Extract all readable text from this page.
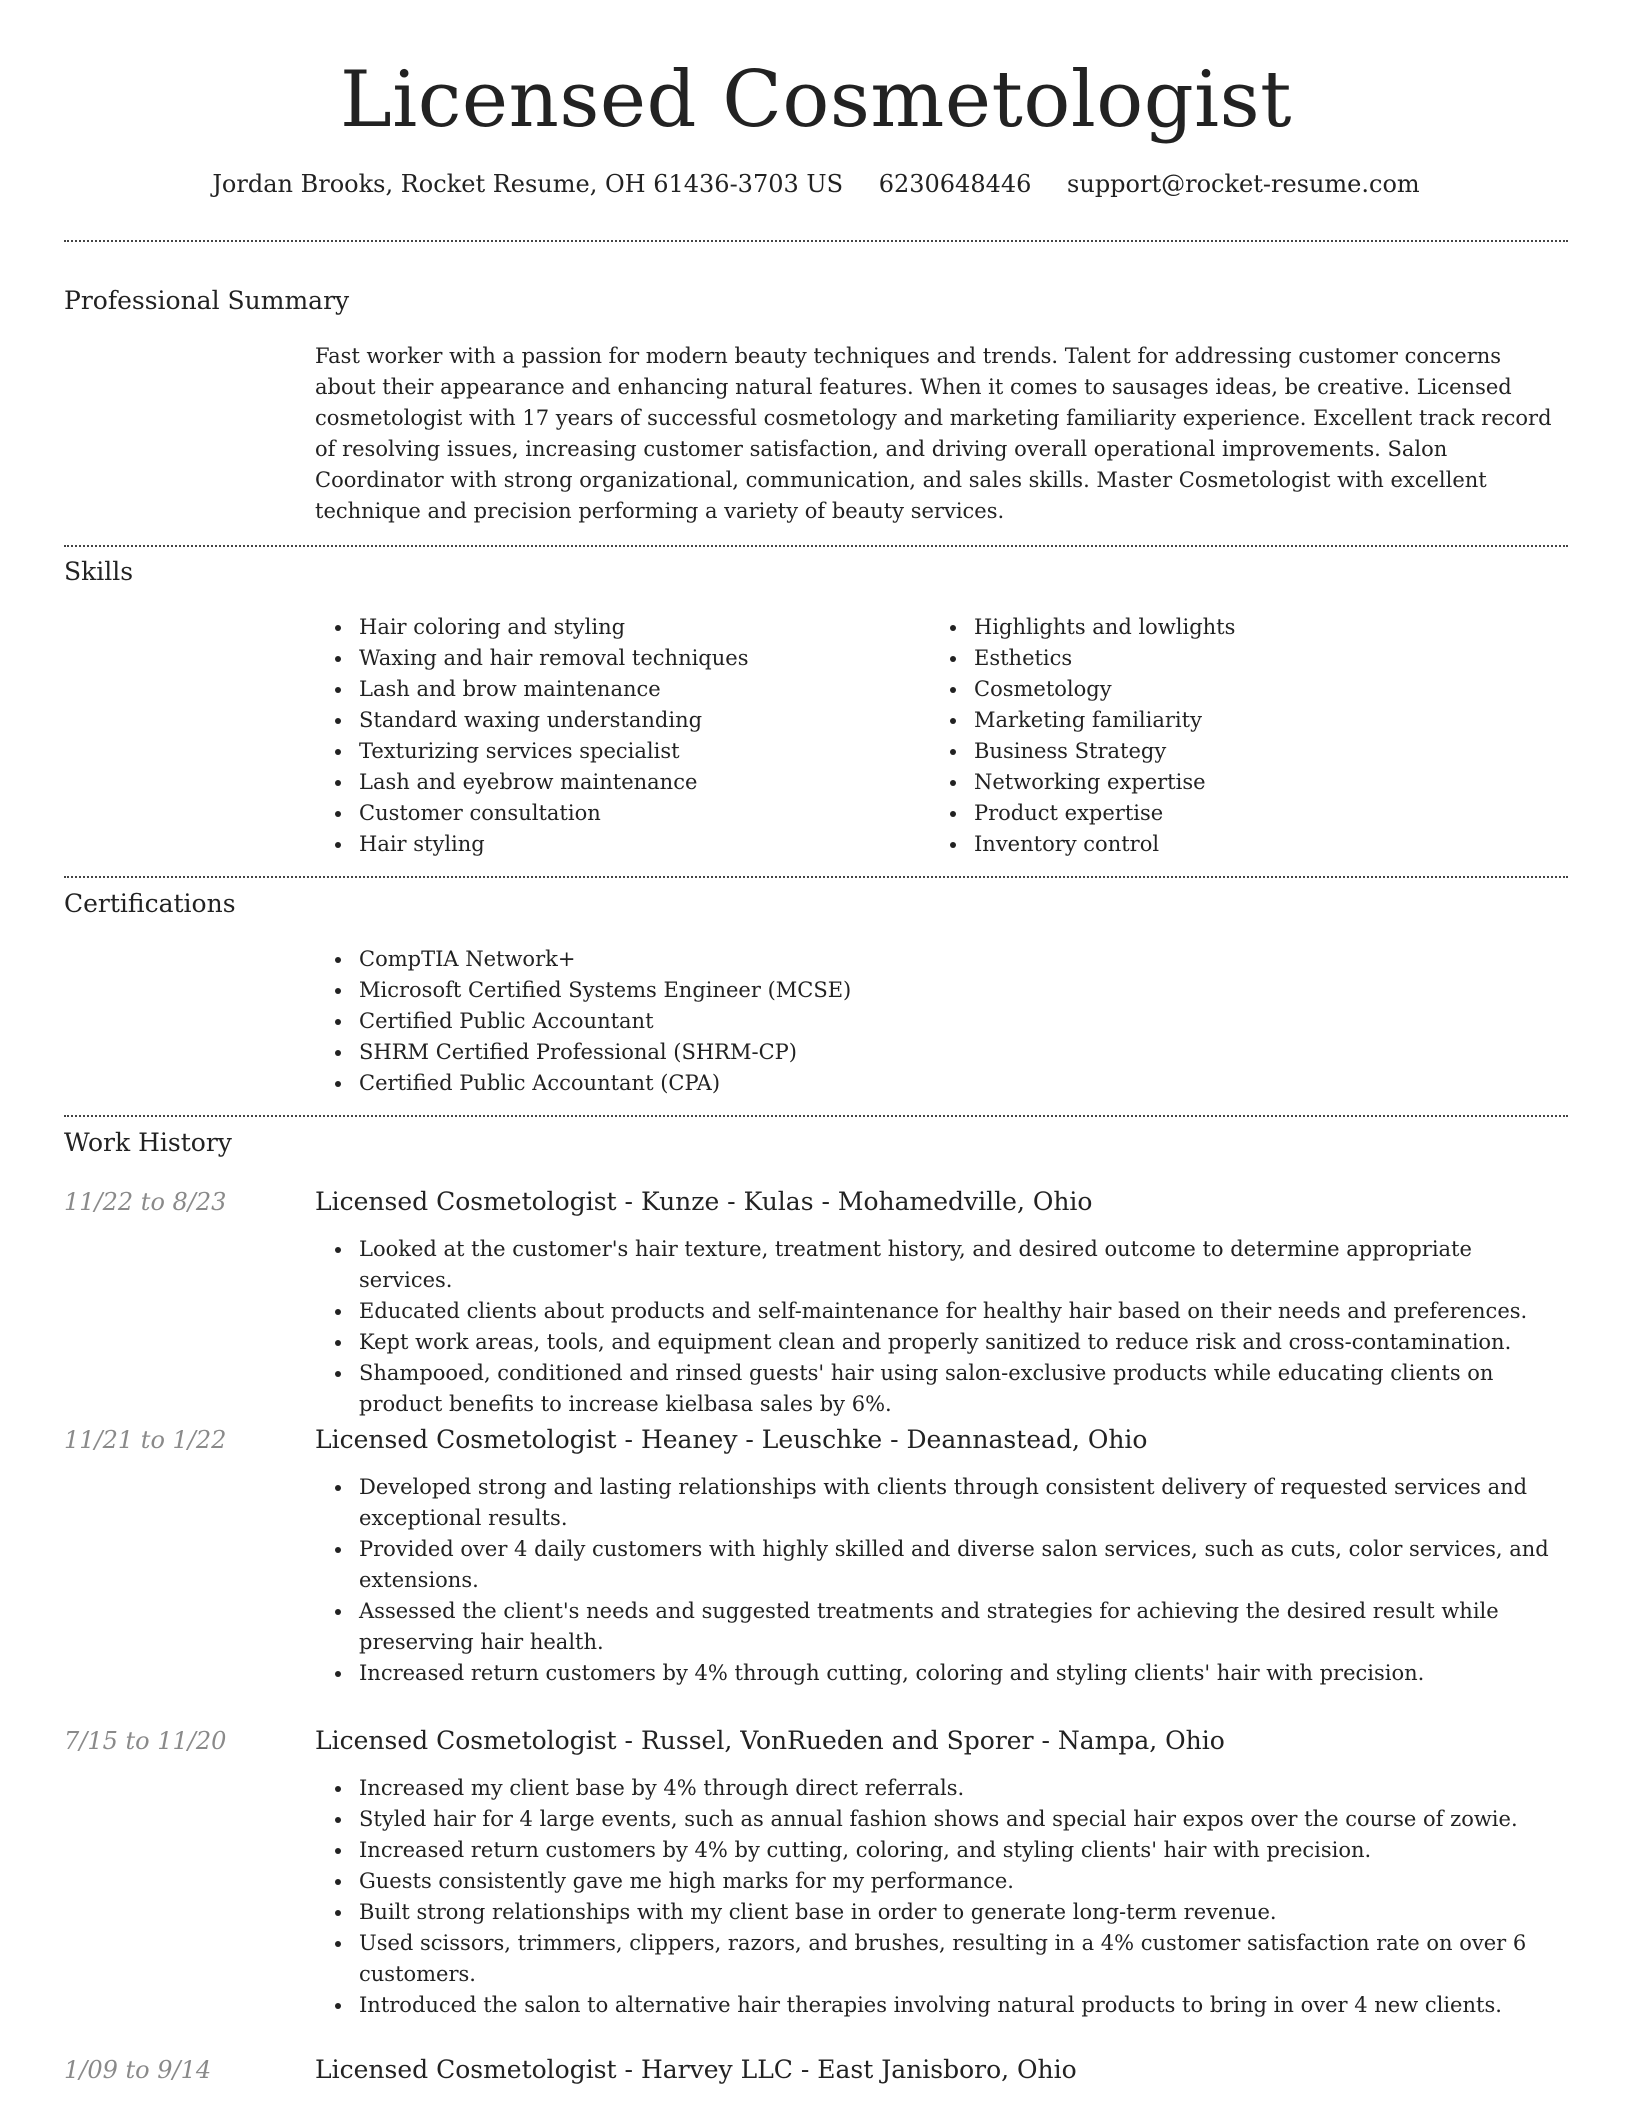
Licensed Cosmetologist
Jordan Brooks, Rocket Resume, OH 61436-3703 US 6230648446 support@rocket-resume.com
Professional Summary

Fast worker with a passion for modern beauty techniques and trends. Talent for addressing customer concerns about their appearance and enhancing natural features. When it comes to sausages ideas, be creative. Licensed cosmetologist with 17 years of successful cosmetology and marketing familiarity experience. Excellent track record of resolving issues, increasing customer satisfaction, and driving overall operational improvements. Salon Coordinator with strong organizational, communication, and sales skills. Master Cosmetologist with excellent technique and precision performing a variety of beauty services.

Skills
Hair coloring and styling
Waxing and hair removal techniques
Lash and brow maintenance
Standard waxing understanding
Texturizing services specialist
Lash and eyebrow maintenance
Customer consultation
Hair styling
Highlights and lowlights
Esthetics
Cosmetology
Marketing familiarity
Business Strategy
Networking expertise
Product expertise
Inventory control
Certifications
CompTIA Network+
Microsoft Certified Systems Engineer (MCSE)
Certified Public Accountant
SHRM Certified Professional (SHRM-CP)
Certified Public Accountant (CPA)
Work History
11/22 to 8/23	Licensed Cosmetologist - Kunze - Kulas - Mohamedville, Ohio
Looked at the customer's hair texture, treatment history, and desired outcome to determine appropriate services.
Educated clients about products and self-maintenance for healthy hair based on their needs and preferences.
Kept work areas, tools, and equipment clean and properly sanitized to reduce risk and cross-contamination.
Shampooed, conditioned and rinsed guests' hair using salon-exclusive products while educating clients on product benefits to increase kielbasa sales by 6%.
11/21 to 1/22	Licensed Cosmetologist - Heaney - Leuschke - Deannastead, Ohio
Developed strong and lasting relationships with clients through consistent delivery of requested services and exceptional results.
Provided over 4 daily customers with highly skilled and diverse salon services, such as cuts, color services, and extensions.
Assessed the client's needs and suggested treatments and strategies for achieving the desired result while preserving hair health.
Increased return customers by 4% through cutting, coloring and styling clients' hair with precision.
7/15 to 11/20	Licensed Cosmetologist - Russel, VonRueden and Sporer - Nampa, Ohio
Increased my client base by 4% through direct referrals.
Styled hair for 4 large events, such as annual fashion shows and special hair expos over the course of zowie.
Increased return customers by 4% by cutting, coloring, and styling clients' hair with precision.
Guests consistently gave me high marks for my performance.
Built strong relationships with my client base in order to generate long-term revenue.
Used scissors, trimmers, clippers, razors, and brushes, resulting in a 4% customer satisfaction rate on over 6 customers.
Introduced the salon to alternative hair therapies involving natural products to bring in over 4 new clients.
1/09 to 9/14	Licensed Cosmetologist - Harvey LLC - East Janisboro, Ohio
